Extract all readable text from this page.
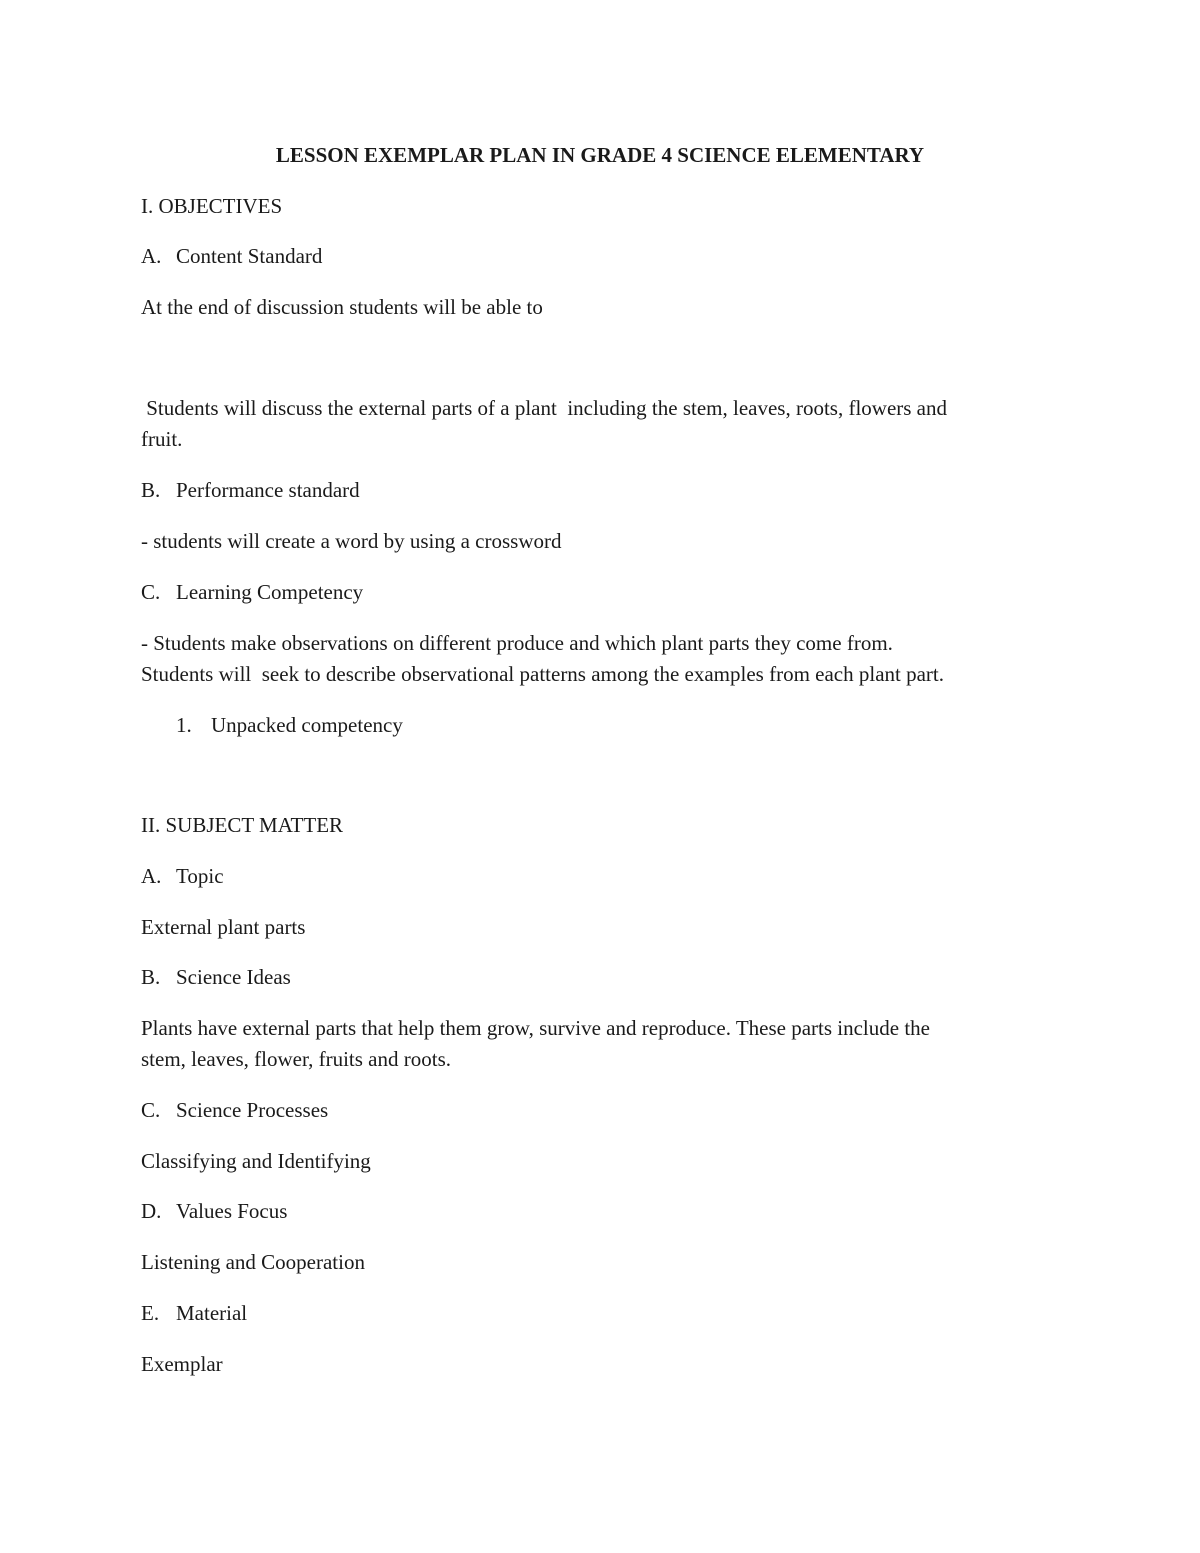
LESSON EXEMPLAR PLAN IN GRADE 4 SCIENCE ELEMENTARY
I. OBJECTIVES
A. Content Standard
At the end of discussion students will be able to
Students will discuss the external parts of a plant  including the stem, leaves, roots, flowers and
fruit.
B. Performance standard
- students will create a word by using a crossword
C. Learning Competency
- Students make observations on different produce and which plant parts they come from.
Students will  seek to describe observational patterns among the examples from each plant part.
1. Unpacked competency
II. SUBJECT MATTER
A. Topic
External plant parts
B. Science Ideas
Plants have external parts that help them grow, survive and reproduce. These parts include the
stem, leaves, flower, fruits and roots.
C. Science Processes
Classifying and Identifying
D. Values Focus
Listening and Cooperation
E. Material
Exemplar
